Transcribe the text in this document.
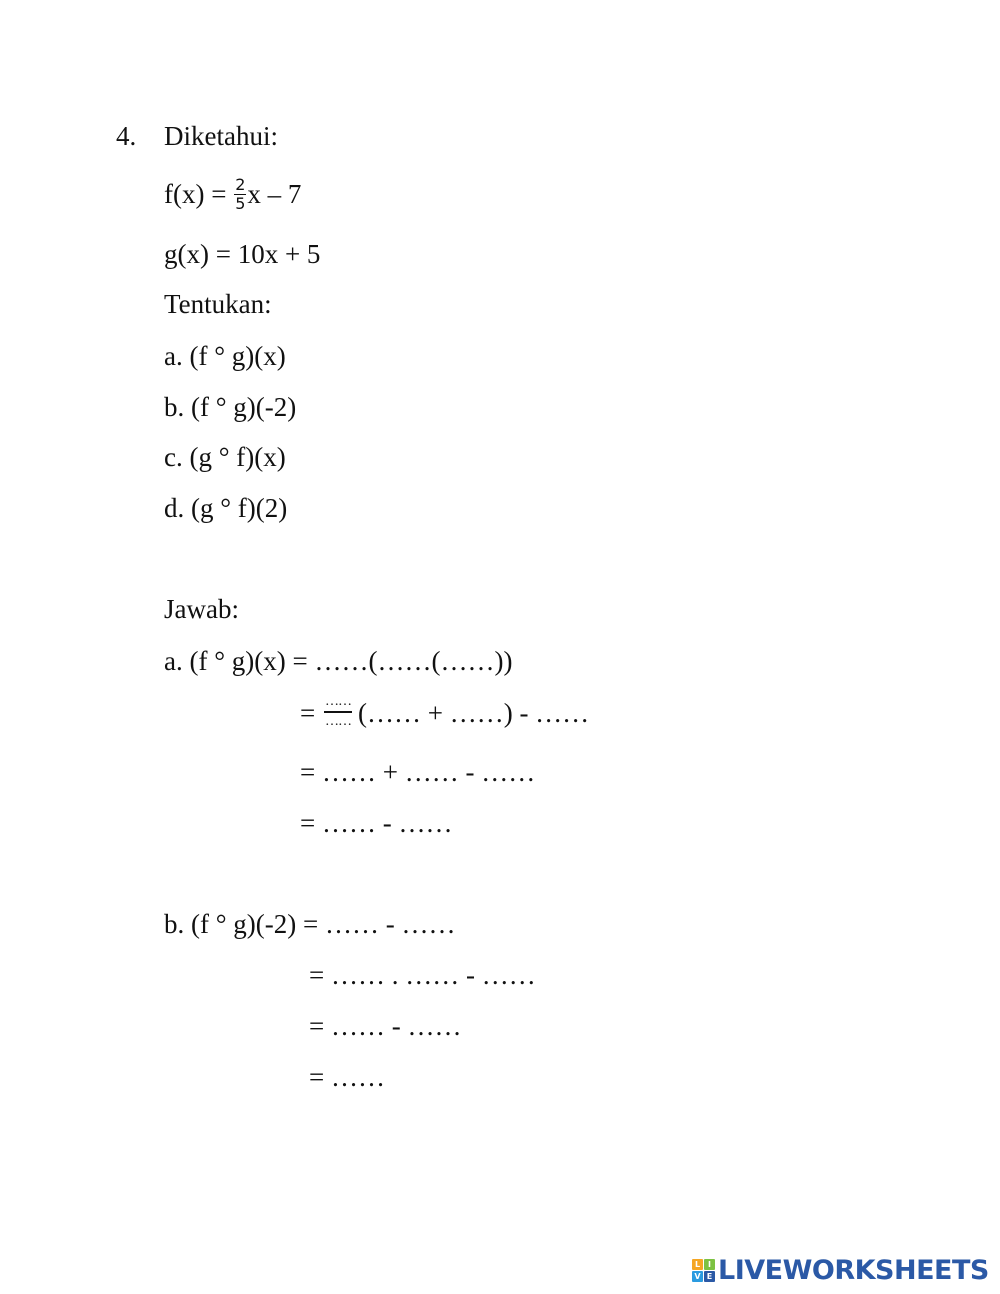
4. Diketahui:
$f(x) = \frac{2}{5}$ x – 7
g(x) = 10x + 5
Tentukan:
a. (f ° g)(x)
b. (f ° g)(-2)
c. (g ° f)(x)
d. (g ° f)(2)
Jawab:
a. (f ° g)(x) = ……(……(……))
= $\frac{\dots\dots}{\dots\dots}$ (…… + ……) - ……
= …… + …… - ……
= …… - ……
b. (f ° g)(-2) = …… - ……
= …… . …… - ……
= …… - ……
= ……
L I
V E LIVEWORKSHEETS
